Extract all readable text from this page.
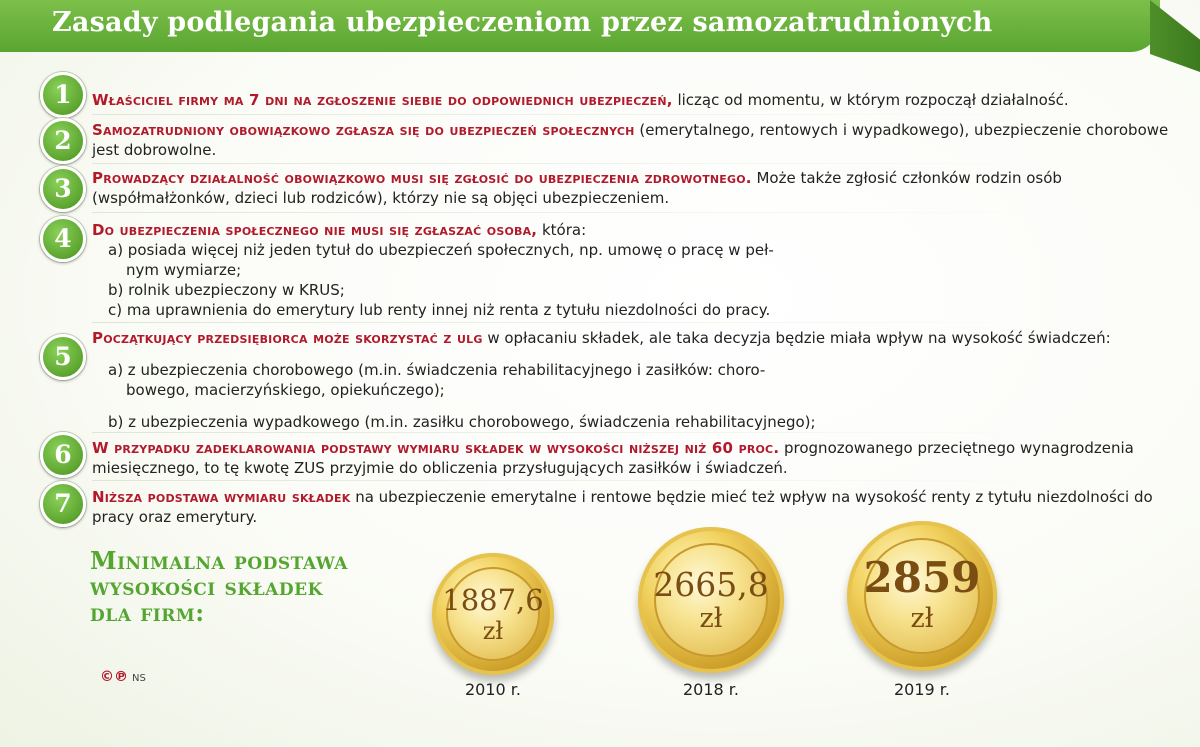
Zasady podlegania ubezpieczeniom przez samozatrudnionych
1	Właściciel firmy ma 7 dni na zgłoszenie siebie do odpowiednich ubezpieczeń, licząc od momentu, w którym rozpoczął działalność.
2	Samozatrudniony obowiązkowo zgłasza się do ubezpieczeń społecznych (emerytalnego, rentowych i wypadkowego), ubezpieczenie chorobowe jest dobrowolne.
3	Prowadzący działalność obowiązkowo musi się zgłosić do ubezpieczenia zdrowotnego. Może także zgłosić członków rodzin osób (współmałżonków, dzieci lub rodziców), którzy nie są objęci ubezpieczeniem.
4	Do ubezpieczenia społecznego nie musi się zgłaszać osoba, która:
a) posiada więcej niż jeden tytuł do ubezpieczeń społecznych, np. umowę o pracę w peł-
nym wymiarze;
b) rolnik ubezpieczony w KRUS;
c) ma uprawnienia do emerytury lub renty innej niż renta z tytułu niezdolności do pracy.
5
Początkujący przedsiębiorca może skorzystać z ulg w opłacaniu składek, ale taka decyzja będzie miała wpływ na wysokość świadczeń:
a) z ubezpieczenia chorobowego (m.in. świadczenia rehabilitacyjnego i zasiłków: choro-
bowego, macierzyńskiego, opiekuńczego);
b) z ubezpieczenia wypadkowego (m.in. zasiłku chorobowego, świadczenia rehabilitacyjnego);
6	W przypadku zadeklarowania podstawy wymiaru składek w wysokości niższej niż 60 proc. prognozowanego przeciętnego wynagrodzenia miesięcznego, to tę kwotę ZUS przyjmie do obliczenia przysługujących zasiłków i świadczeń.
7	Niższa podstawa wymiaru składek na ubezpieczenie emerytalne i rentowe będzie mieć też wpływ na wysokość renty z tytułu niezdolności do pracy oraz emerytury.
Minimalna podstawa
wysokości składek
dla firm:	1887,6
zł
2010 r.
2665,8
zł
2018 r.
2859
zł
2019 r.
©℗ NS
